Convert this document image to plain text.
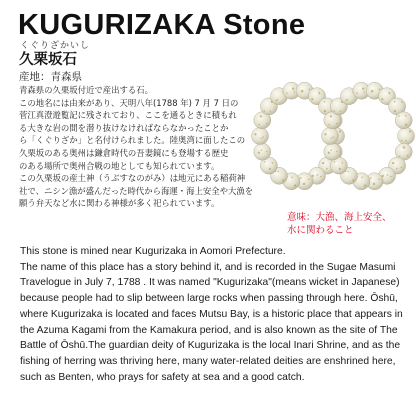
KUGURIZAKA Stone
くぐりざかいし
久栗坂石
産地：青森県

青森県の久栗坂付近で産出する石。

この地名には由来があり、天明八年(1788 年) 7 月 7 日の

菅江真澄遊覧記に残されており、ここを通るときに積もれ

る大きな岩の間を潜り抜けなければならなかったことか

ら「くぐりざか」と名付けられました。陸奥湾に面したこの

久栗坂のある奥州は鎌倉時代の吾妻鏡にも登場する歴史

のある場所で奥州合戦の地としても知られています。

この久栗坂の産土神（うぶすなのがみ）は地元にある稲荷神

社で、ニシン漁が盛んだった時代から海運・海上安全や大漁を

願う弁天など水に関わる神様が多く祀られています。

意味：大漁、海上安全、

水に関わること

This stone is mined near Kugurizaka in Aomori Prefecture.

The name of this place has a story behind it, and is recorded in the Sugae Masumi

Travelogue in July 7, 1788 . It was named "Kugurizaka"(means wicket in Japanese)

because people had to slip between large rocks when passing through here. Ōshū,

where Kugurizaka is located and faces Mutsu Bay, is a historic place that appears in

the Azuma Kagami from the Kamakura period, and is also known as the site of The

Battle of Ōshū.The guardian deity of Kugurizaka is the local Inari Shrine, and as the

fishing of herring was thriving here, many water-related deities are enshrined here,

such as Benten, who prays for safety at sea and a good catch.
